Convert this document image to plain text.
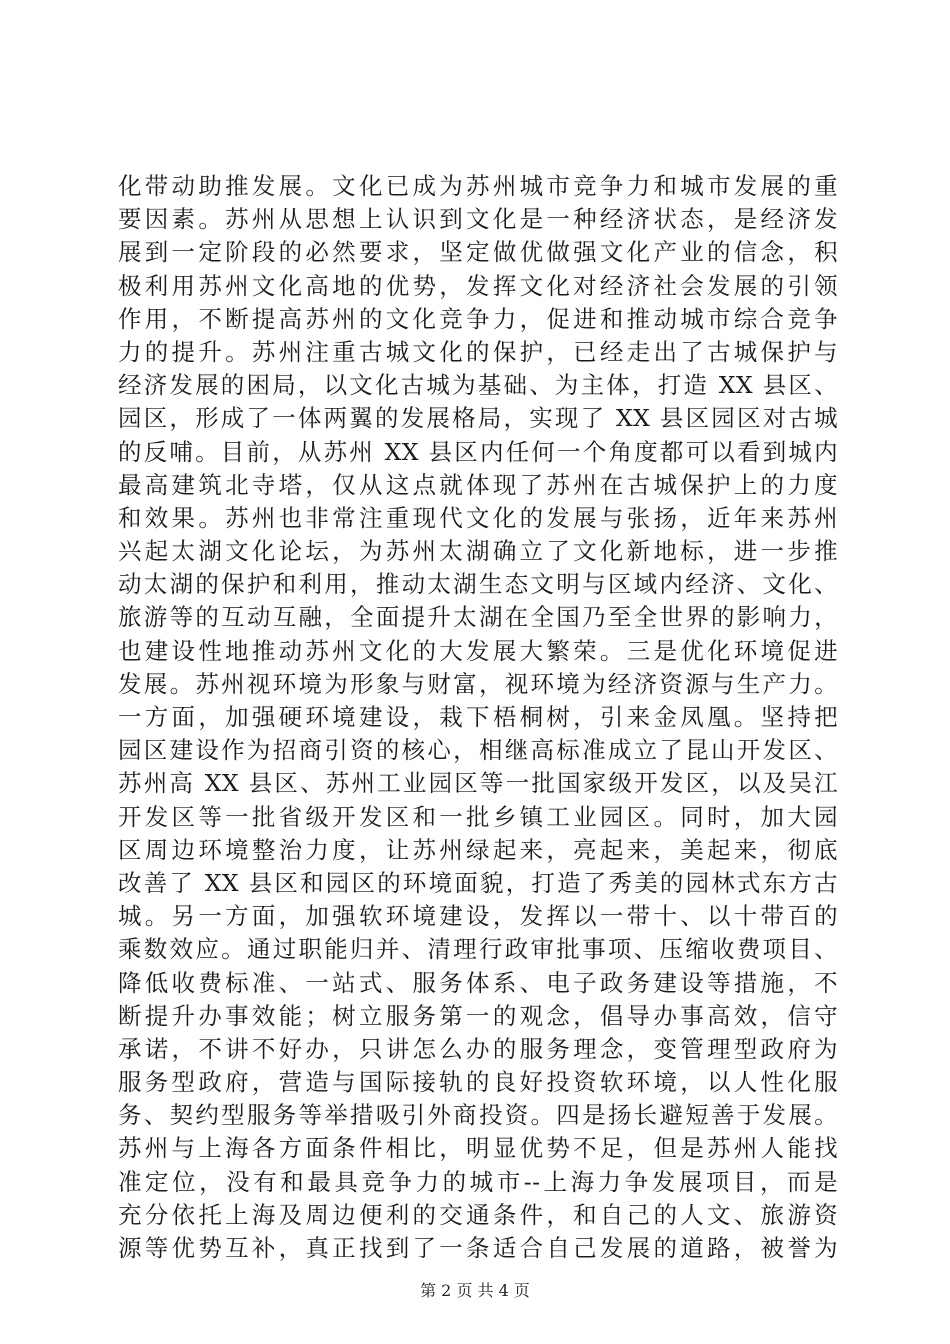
化带动助推发展。文化已成为苏州城市竞争力和城市发展的重
要因素。苏州从思想上认识到文化是一种经济状态，是经济发
展到一定阶段的必然要求，坚定做优做强文化产业的信念，积
极利用苏州文化高地的优势，发挥文化对经济社会发展的引领
作用，不断提高苏州的文化竞争力，促进和推动城市综合竞争
力的提升。苏州注重古城文化的保护，已经走出了古城保护与
经济发展的困局，以文化古城为基础、为主体，打造 XX 县区、
园区，形成了一体两翼的发展格局，实现了 XX 县区园区对古城
的反哺。目前，从苏州 XX 县区内任何一个角度都可以看到城内
最高建筑北寺塔，仅从这点就体现了苏州在古城保护上的力度
和效果。苏州也非常注重现代文化的发展与张扬，近年来苏州
兴起太湖文化论坛，为苏州太湖确立了文化新地标，进一步推
动太湖的保护和利用，推动太湖生态文明与区域内经济、文化、
旅游等的互动互融，全面提升太湖在全国乃至全世界的影响力，
也建设性地推动苏州文化的大发展大繁荣。三是优化环境促进
发展。苏州视环境为形象与财富，视环境为经济资源与生产力。
一方面，加强硬环境建设，栽下梧桐树，引来金凤凰。坚持把
园区建设作为招商引资的核心，相继高标准成立了昆山开发区、
苏州高 XX 县区、苏州工业园区等一批国家级开发区，以及吴江
开发区等一批省级开发区和一批乡镇工业园区。同时，加大园
区周边环境整治力度，让苏州绿起来，亮起来，美起来，彻底
改善了 XX 县区和园区的环境面貌，打造了秀美的园林式东方古
城。另一方面，加强软环境建设，发挥以一带十、以十带百的
乘数效应。通过职能归并、清理行政审批事项、压缩收费项目、
降低收费标准、一站式、服务体系、电子政务建设等措施，不
断提升办事效能；树立服务第一的观念，倡导办事高效，信守
承诺，不讲不好办，只讲怎么办的服务理念，变管理型政府为
服务型政府，营造与国际接轨的良好投资软环境，以人性化服
务、契约型服务等举措吸引外商投资。四是扬长避短善于发展。
苏州与上海各方面条件相比，明显优势不足，但是苏州人能找
准定位，没有和最具竞争力的城市--上海力争发展项目，而是
充分依托上海及周边便利的交通条件，和自己的人文、旅游资
源等优势互补，真正找到了一条适合自己发展的道路，被誉为
第 2 页 共 4 页
